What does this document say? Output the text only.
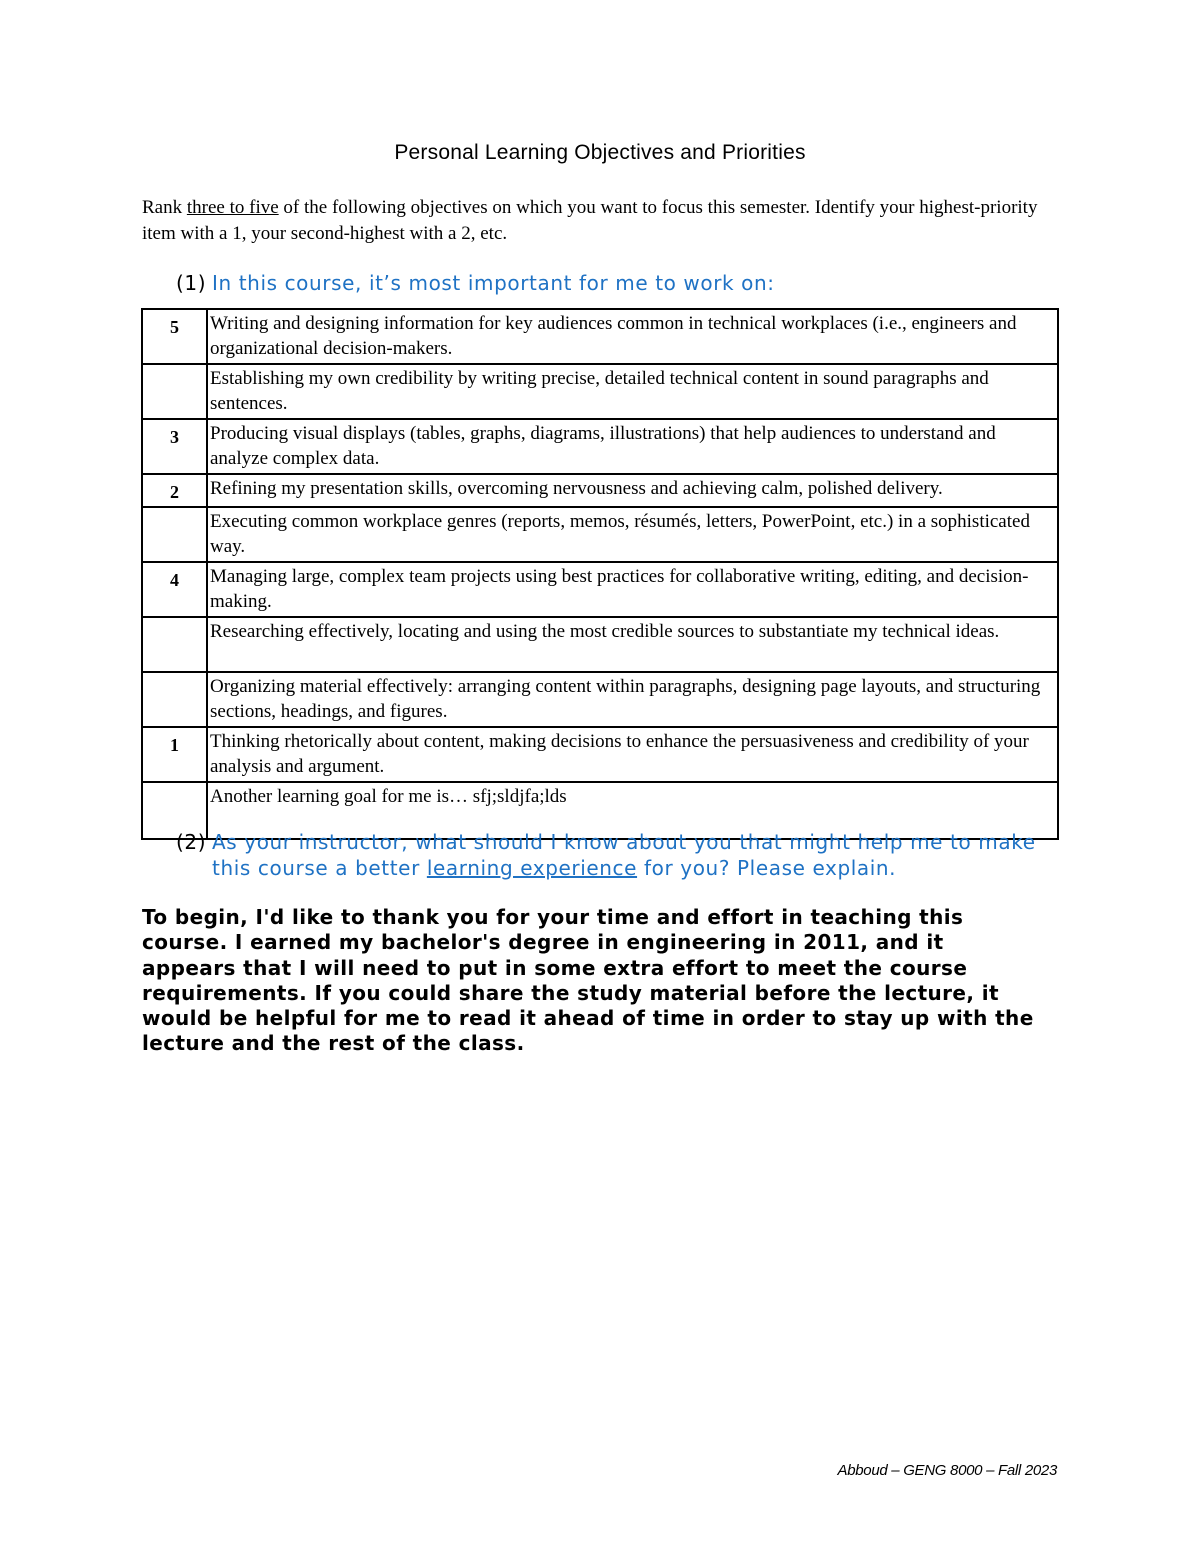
Personal Learning Objectives and Priorities

Rank three to five of the following objectives on which you want to focus this semester. Identify your highest-priority item with a 1, your second-highest with a 2, etc.

(1) In this course, it’s most important for me to work on:
5	Writing and designing information for key audiences common in technical workplaces (i.e., engineers and organizational decision-makers.
	Establishing my own credibility by writing precise, detailed technical content in sound paragraphs and sentences.
3	Producing visual displays (tables, graphs, diagrams, illustrations) that help audiences to understand and analyze complex data.
2	Refining my presentation skills, overcoming nervousness and achieving calm, polished delivery.
	Executing common workplace genres (reports, memos, résumés, letters, PowerPoint, etc.) in a sophisticated way.
4	Managing large, complex team projects using best practices for collaborative writing, editing, and decision-making.
	Researching effectively, locating and using the most credible sources to substantiate my technical ideas.
	Organizing material effectively: arranging content within paragraphs, designing page layouts, and structuring sections, headings, and figures.
1	Thinking rhetorically about content, making decisions to enhance the persuasiveness and credibility of your analysis and argument.
	Another learning goal for me is… sfj;sldjfa;lds
(2) As your instructor, what should I know about you that might help me to make this course a better learning experience for you? Please explain.

To begin, I'd like to thank you for your time and effort in teaching this course. I earned my bachelor's degree in engineering in 2011, and it appears that I will need to put in some extra effort to meet the course requirements. If you could share the study material before the lecture, it would be helpful for me to read it ahead of time in order to stay up with the lecture and the rest of the class.

Abboud – GENG 8000 – Fall 2023
